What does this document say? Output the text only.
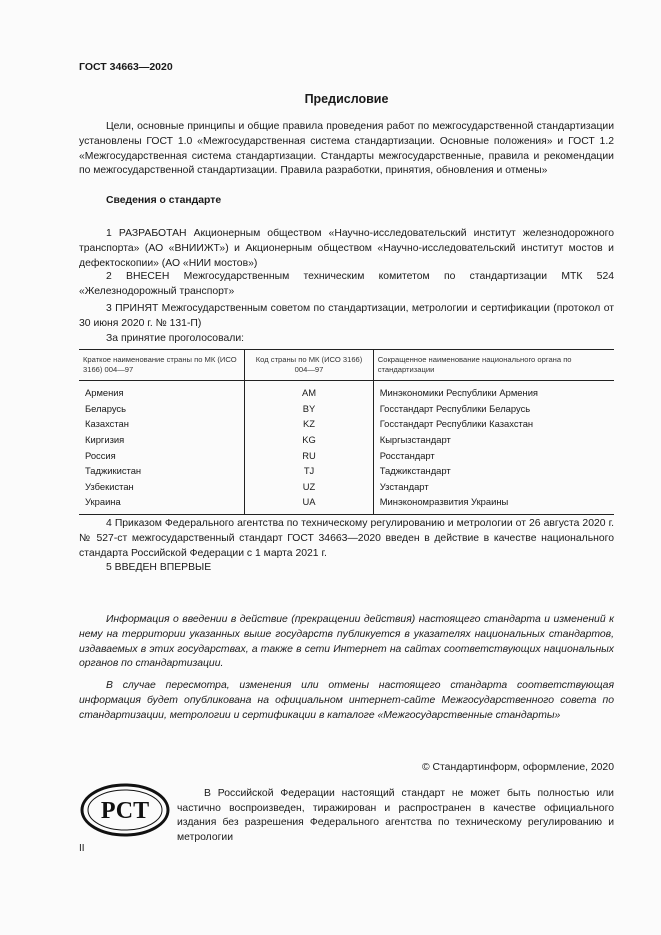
ГОСТ 34663—2020
Предисловие

Цели, основные принципы и общие правила проведения работ по межгосударственной стандартизации установлены ГОСТ 1.0 «Межгосударственная система стандартизации. Основные положения» и ГОСТ 1.2 «Межгосударственная система стандартизации. Стандарты межгосударственные, правила и рекомендации по межгосударственной стандартизации. Правила разработки, принятия, обновления и отмены»

Сведения о стандарте

1 РАЗРАБОТАН Акционерным обществом «Научно-исследовательский институт железнодорожного транспорта» (АО «ВНИИЖТ») и Акционерным обществом «Научно-исследовательский институт мостов и дефектоскопии» (АО «НИИ мостов»)

2 ВНЕСЕН Межгосударственным техническим комитетом по стандартизации МТК 524 «Железнодорожный транспорт»

3 ПРИНЯТ Межгосударственным советом по стандартизации, метрологии и сертификации (протокол от 30 июня 2020 г. № 131-П)

За принятие проголосовали:
Краткое наименование страны по МК (ИСО 3166) 004—97	Код страны по МК (ИСО 3166) 004—97	Сокращенное наименование национального органа по стандартизации
Армения	AM	Минэкономики Республики Армения
Беларусь	BY	Госстандарт Республики Беларусь
Казахстан	KZ	Госстандарт Республики Казахстан
Киргизия	KG	Кыргызстандарт
Россия	RU	Росстандарт
Таджикистан	TJ	Таджикстандарт
Узбекистан	UZ	Узстандарт
Украина	UA	Минэкономразвития Украины

4 Приказом Федерального агентства по техническому регулированию и метрологии от 26 августа 2020 г. № 527-ст межгосударственный стандарт ГОСТ 34663—2020 введен в действие в качестве национального стандарта Российской Федерации с 1 марта 2021 г.

5 ВВЕДЕН ВПЕРВЫЕ

Информация о введении в действие (прекращении действия) настоящего стандарта и изменений к нему на территории указанных выше государств публикуется в указателях национальных стандартов, издаваемых в этих государствах, а также в сети Интернет на сайтах соответствующих национальных органов по стандартизации.

В случае пересмотра, изменения или отмены настоящего стандарта соответствующая информация будет опубликована на официальном интернет-сайте Межгосударственного совета по стандартизации, метрологии и сертификации в каталоге «Межгосударственные стандарты»

© Стандартинформ, оформление, 2020
РСТ

В Российской Федерации настоящий стандарт не может быть полностью или частично воспроизведен, тиражирован и распространен в качестве официального издания без разрешения Федерального агентства по техническому регулированию и метрологии

II
